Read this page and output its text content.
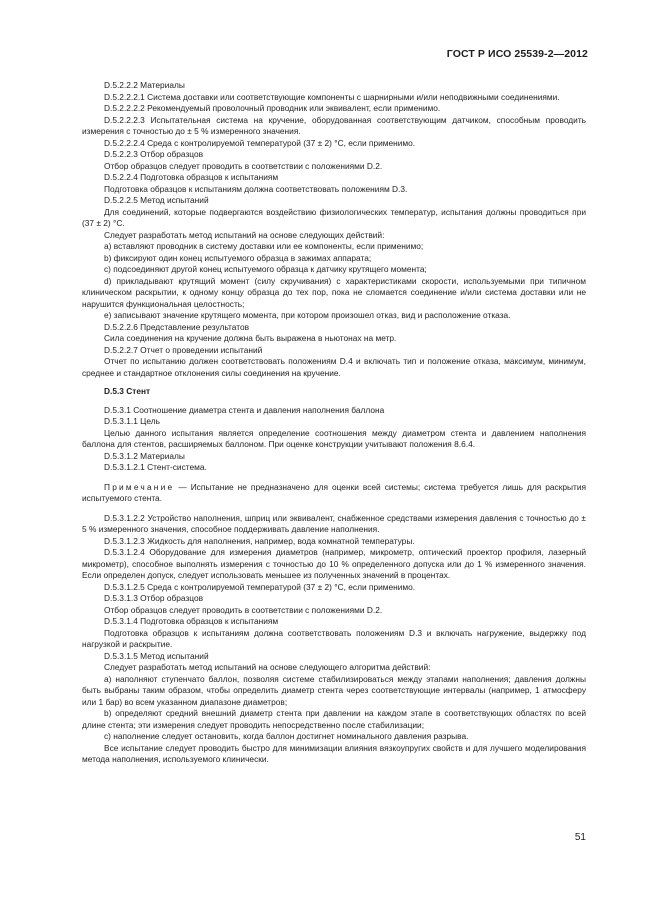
ГОСТ Р ИСО 25539-2—2012

D.5.2.2.2 Материалы

D.5.2.2.2.1 Система доставки или соответствующие компоненты с шарнирными и/или неподвижными соединениями.

D.5.2.2.2.2 Рекомендуемый проволочный проводник или эквивалент, если применимо.

D.5.2.2.2.3 Испытательная система на кручение, оборудованная соответствующим датчиком, способным проводить измерения с точностью до ± 5 % измеренного значения.

D.5.2.2.2.4 Среда с контролируемой температурой (37 ± 2) °С, если применимо.

D.5.2.2.3 Отбор образцов

Отбор образцов следует проводить в соответствии с положениями D.2.

D.5.2.2.4 Подготовка образцов к испытаниям

Подготовка образцов к испытаниям должна соответствовать положениям D.3.

D.5.2.2.5 Метод испытаний

Для соединений, которые подвергаются воздействию физиологических температур, испытания должны проводиться при (37 ± 2) °С.

Следует разработать метод испытаний на основе следующих действий:

a) вставляют проводник в систему доставки или ее компоненты, если применимо;

b) фиксируют один конец испытуемого образца в зажимах аппарата;

c) подсоединяют другой конец испытуемого образца к датчику крутящего момента;

d) прикладывают крутящий момент (силу скручивания) с характеристиками скорости, используемыми при типичном клиническом раскрытии, к одному концу образца до тех пор, пока не сломается соединение и/или система доставки или не нарушится функциональная целостность;

e) записывают значение крутящего момента, при котором произошел отказ, вид и расположение отказа.

D.5.2.2.6 Представление результатов

Сила соединения на кручение должна быть выражена в ньютонах на метр.

D.5.2.2.7 Отчет о проведении испытаний

Отчет по испытанию должен соответствовать положениям D.4 и включать тип и положение отказа, максимум, минимум, среднее и стандартное отклонения силы соединения на кручение.

D.5.3 Стент

D.5.3.1 Соотношение диаметра стента и давления наполнения баллона

D.5.3.1.1 Цель

Целью данного испытания является определение соотношения между диаметром стента и давлением наполнения баллона для стентов, расширяемых баллоном. При оценке конструкции учитывают положения 8.6.4.

D.5.3.1.2 Материалы

D.5.3.1.2.1 Стент-система.

Примечание — Испытание не предназначено для оценки всей системы; система требуется лишь для раскрытия испытуемого стента.

D.5.3.1.2.2 Устройство наполнения, шприц или эквивалент, снабженное средствами измерения давления с точностью до ± 5 % измеренного значения, способное поддерживать давление наполнения.

D.5.3.1.2.3 Жидкость для наполнения, например, вода комнатной температуры.

D.5.3.1.2.4 Оборудование для измерения диаметров (например, микрометр, оптический проектор профиля, лазерный микрометр), способное выполнять измерения с точностью до 10 % определенного допуска или до 1 % измеренного значения. Если определен допуск, следует использовать меньшее из полученных значений в процентах.

D.5.3.1.2.5 Среда с контролируемой температурой (37 ± 2) °С, если применимо.

D.5.3.1.3 Отбор образцов

Отбор образцов следует проводить в соответствии с положениями D.2.

D.5.3.1.4 Подготовка образцов к испытаниям

Подготовка образцов к испытаниям должна соответствовать положениям D.3 и включать нагружение, выдержку под нагрузкой и раскрытие.

D.5.3.1.5 Метод испытаний

Следует разработать метод испытаний на основе следующего алгоритма действий:

a) наполняют ступенчато баллон, позволяя системе стабилизироваться между этапами наполнения; давления должны быть выбраны таким образом, чтобы определить диаметр стента через соответствующие интервалы (например, 1 атмосферу или 1 бар) во всем указанном диапазоне диаметров;

b) определяют средний внешний диаметр стента при давлении на каждом этапе в соответствующих областях по всей длине стента; эти измерения следует проводить непосредственно после стабилизации;

c) наполнение следует остановить, когда баллон достигнет номинального давления разрыва.

Все испытание следует проводить быстро для минимизации влияния вязкоупругих свойств и для лучшего моделирования метода наполнения, используемого клинически.

51
